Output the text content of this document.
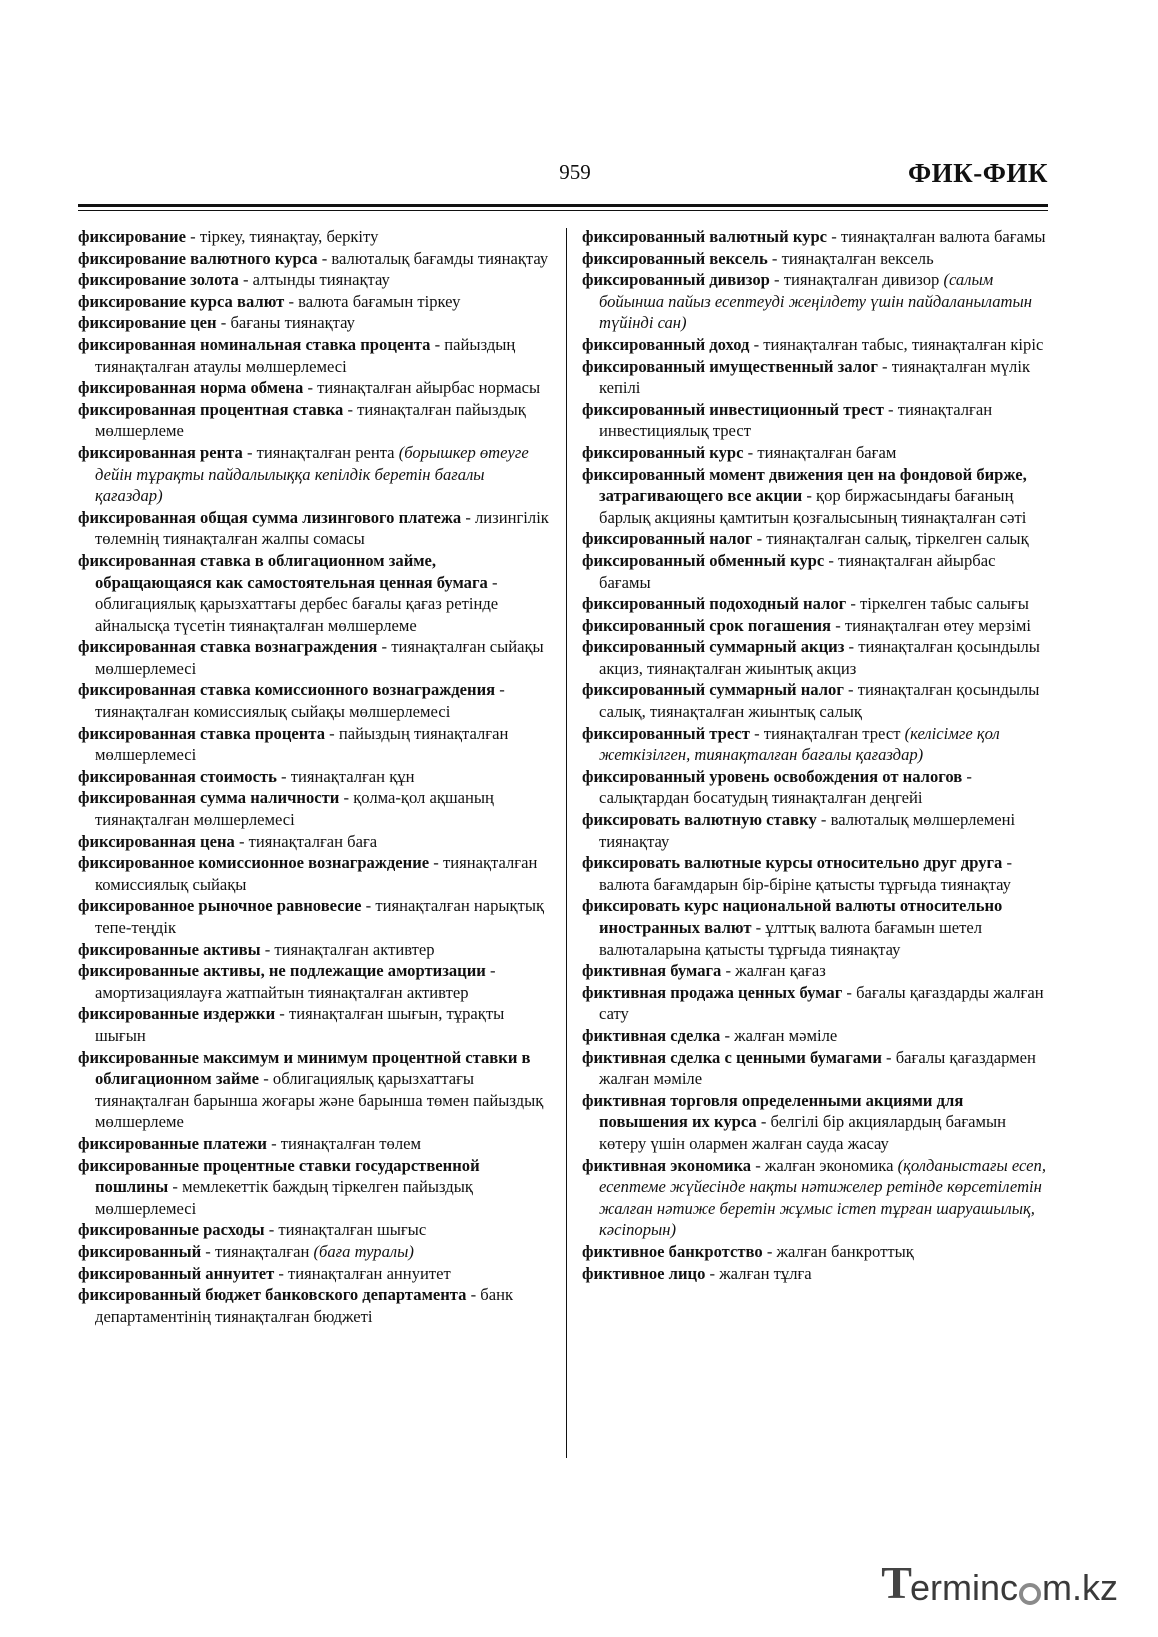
959	ФИК-ФИК

фиксирование - тіркеу, тиянақтау, беркіту

фиксирование валютного курса - валюталық бағамды тиянақтау

фиксирование золота - алтынды тиянақтау

фиксирование курса валют - валюта бағамын тіркеу

фиксирование цен - бағаны тиянақтау

фиксированная номинальная ставка процента - пайыздың тиянақталған атаулы мөлшерлемесі

фиксированная норма обмена - тиянақталған айырбас нормасы

фиксированная процентная ставка - тиянақталған пайыздық мөлшерлеме

фиксированная рента - тиянақталған рента (борышкер өтеуге дейін тұрақты пайдалылыққа кепілдік беретін бағалы қағаздар)

фиксированная общая сумма лизингового платежа - лизингілік төлемнің тиянақталған жалпы сомасы

фиксированная ставка в облигационном займе, обращающаяся как самостоятельная ценная бумага - облигациялық қарызхаттағы дербес бағалы қағаз ретінде айналысқа түсетін тиянақталған мөлшерлеме

фиксированная ставка вознаграждения - тиянақталған сыйақы мөлшерлемесі

фиксированная ставка комиссионного вознаграждения - тиянақталған комиссиялық сыйақы мөлшерлемесі

фиксированная ставка процента - пайыздың тиянақталған мөлшерлемесі

фиксированная стоимость - тиянақталған құн

фиксированная сумма наличности - қолма-қол ақшаның тиянақталған мөлшерлемесі

фиксированная цена - тиянақталған баға

фиксированное комиссионное вознаграждение - тиянақталған комиссиялық сыйақы

фиксированное рыночное равновесие - тиянақталған нарықтық тепе-теңдік

фиксированные активы - тиянақталған активтер

фиксированные активы, не подлежащие амортизации - амортизациялауға жатпайтын тиянақталған активтер

фиксированные издержки - тиянақталған шығын, тұрақты шығын

фиксированные максимум и минимум процентной ставки в облигационном займе - облигациялық қарызхаттағы тиянақталған барынша жоғары және барынша төмен пайыздық мөлшерлеме

фиксированные платежи - тиянақталған төлем

фиксированные процентные ставки государственной пошлины - мемлекеттік баждың тіркелген пайыздық мөлшерлемесі

фиксированные расходы - тиянақталған шығыс

фиксированный - тиянақталған (баға туралы)

фиксированный аннуитет - тиянақталған аннуитет

фиксированный бюджет банковского департамента - банк департаментінің тиянақталған бюджеті

фиксированный валютный курс - тиянақталған валюта бағамы

фиксированный вексель - тиянақталған вексель

фиксированный дивизор - тиянақталған дивизор (салым бойынша пайыз есептеуді жеңілдету үшін пайдаланылатын түйінді сан)

фиксированный доход - тиянақталған табыс, тиянақталған кіріс

фиксированный имущественный залог - тиянақталған мүлік кепілі

фиксированный инвестиционный трест - тиянақталған инвестициялық трест

фиксированный курс - тиянақталған бағам

фиксированный момент движения цен на фондовой бирже, затрагивающего все акции - қор биржасындағы бағаның барлық акцияны қамтитын қозғалысының тиянақталған сәті

фиксированный налог - тиянақталған салық, тіркелген салық

фиксированный обменный курс - тиянақталған айырбас бағамы

фиксированный подоходный налог - тіркелген табыс салығы

фиксированный срок погашения - тиянақталған өтеу мерзімі

фиксированный суммарный акциз - тиянақталған қосындылы акциз, тиянақталған жиынтық акциз

фиксированный суммарный налог - тиянақталған қосындылы салық, тиянақталған жиынтық салық

фиксированный трест - тиянақталған трест (келісімге қол жеткізілген, тиянақталған бағалы қағаздар)

фиксированный уровень освобождения от налогов - салықтардан босатудың тиянақталған деңгейі

фиксировать валютную ставку - валюталық мөлшерлемені тиянақтау

фиксировать валютные курсы относительно друг друга - валюта бағамдарын бір-біріне қатысты тұрғыда тиянақтау

фиксировать курс национальной валюты относительно иностранных валют - ұлттық валюта бағамын шетел валюталарына қатысты тұрғыда тиянақтау

фиктивная бумага - жалған қағаз

фиктивная продажа ценных бумаг - бағалы қағаздарды жалған сату

фиктивная сделка - жалған мәміле

фиктивная сделка с ценными бумагами - бағалы қағаздармен жалған мәміле

фиктивная торговля определенными акциями для повышения их курса - белгілі бір акциялардың бағамын көтеру үшін олармен жалған сауда жасау

фиктивная экономика - жалған экономика (қолданыстағы есеп, есептеме жүйесінде нақты нәтижелер ретінде көрсетілетін жалған нәтиже беретін жұмыс істеп тұрған шаруашылық, кәсіпорын)

фиктивное банкротство - жалған банкроттық

фиктивное лицо - жалған тұлға

T
ermin c m.kz
